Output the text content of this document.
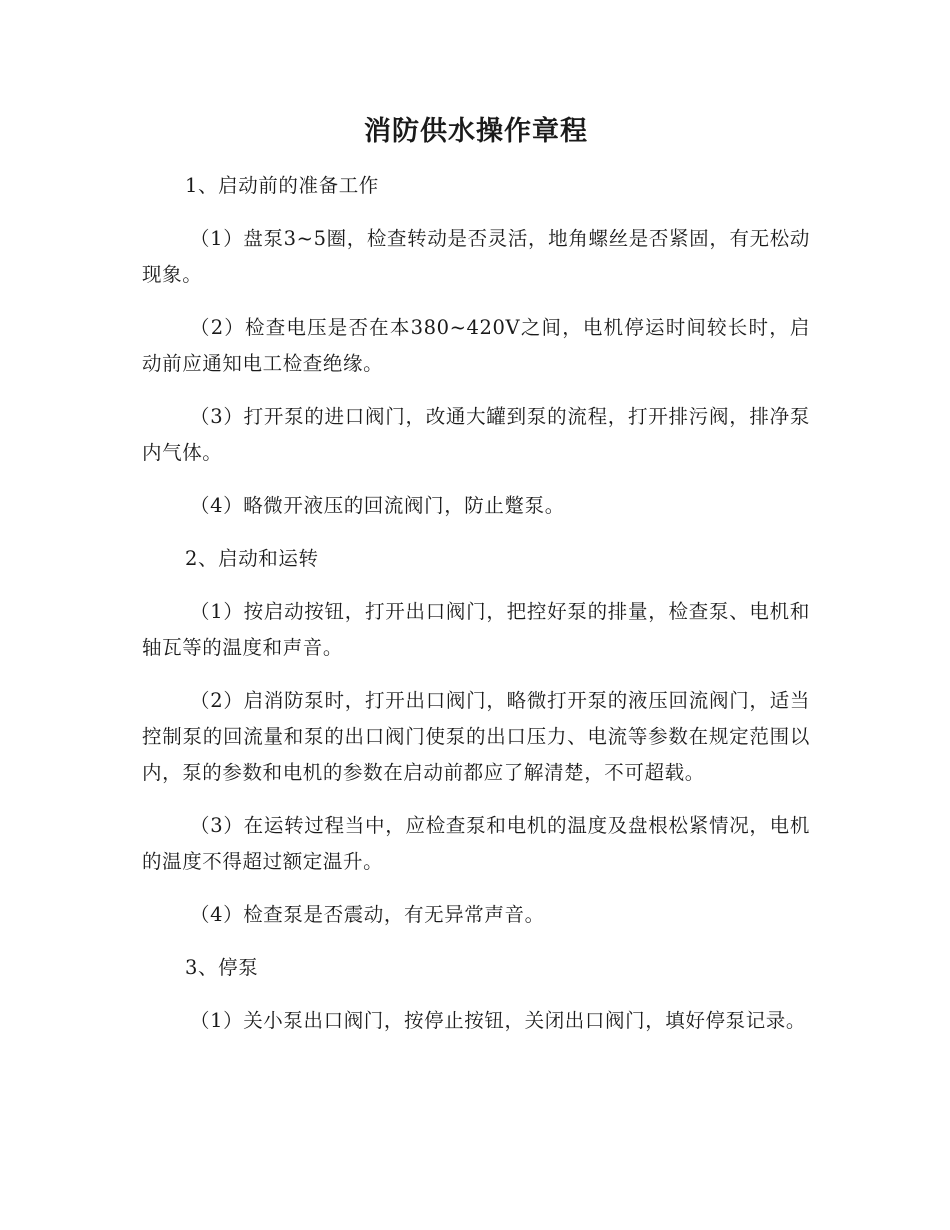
消防供水操作章程

1、启动前的准备工作

（1）盘泵3~5圈，检查转动是否灵活，地角螺丝是否紧固，有无松动现象。

（2）检查电压是否在本380~420V之间，电机停运时间较长时，启动前应通知电工检查绝缘。

（3）打开泵的进口阀门，改通大罐到泵的流程，打开排污阀，排净泵内气体。

（4）略微开液压的回流阀门，防止蹩泵。

2、启动和运转

（1）按启动按钮，打开出口阀门，把控好泵的排量，检查泵、电机和轴瓦等的温度和声音。

（2）启消防泵时，打开出口阀门，略微打开泵的液压回流阀门，适当控制泵的回流量和泵的出口阀门使泵的出口压力、电流等参数在规定范围以内，泵的参数和电机的参数在启动前都应了解清楚，不可超载。

（3）在运转过程当中，应检查泵和电机的温度及盘根松紧情况，电机的温度不得超过额定温升。

（4）检查泵是否震动，有无异常声音。

3、停泵

（1）关小泵出口阀门，按停止按钮，关闭出口阀门，填好停泵记录。
